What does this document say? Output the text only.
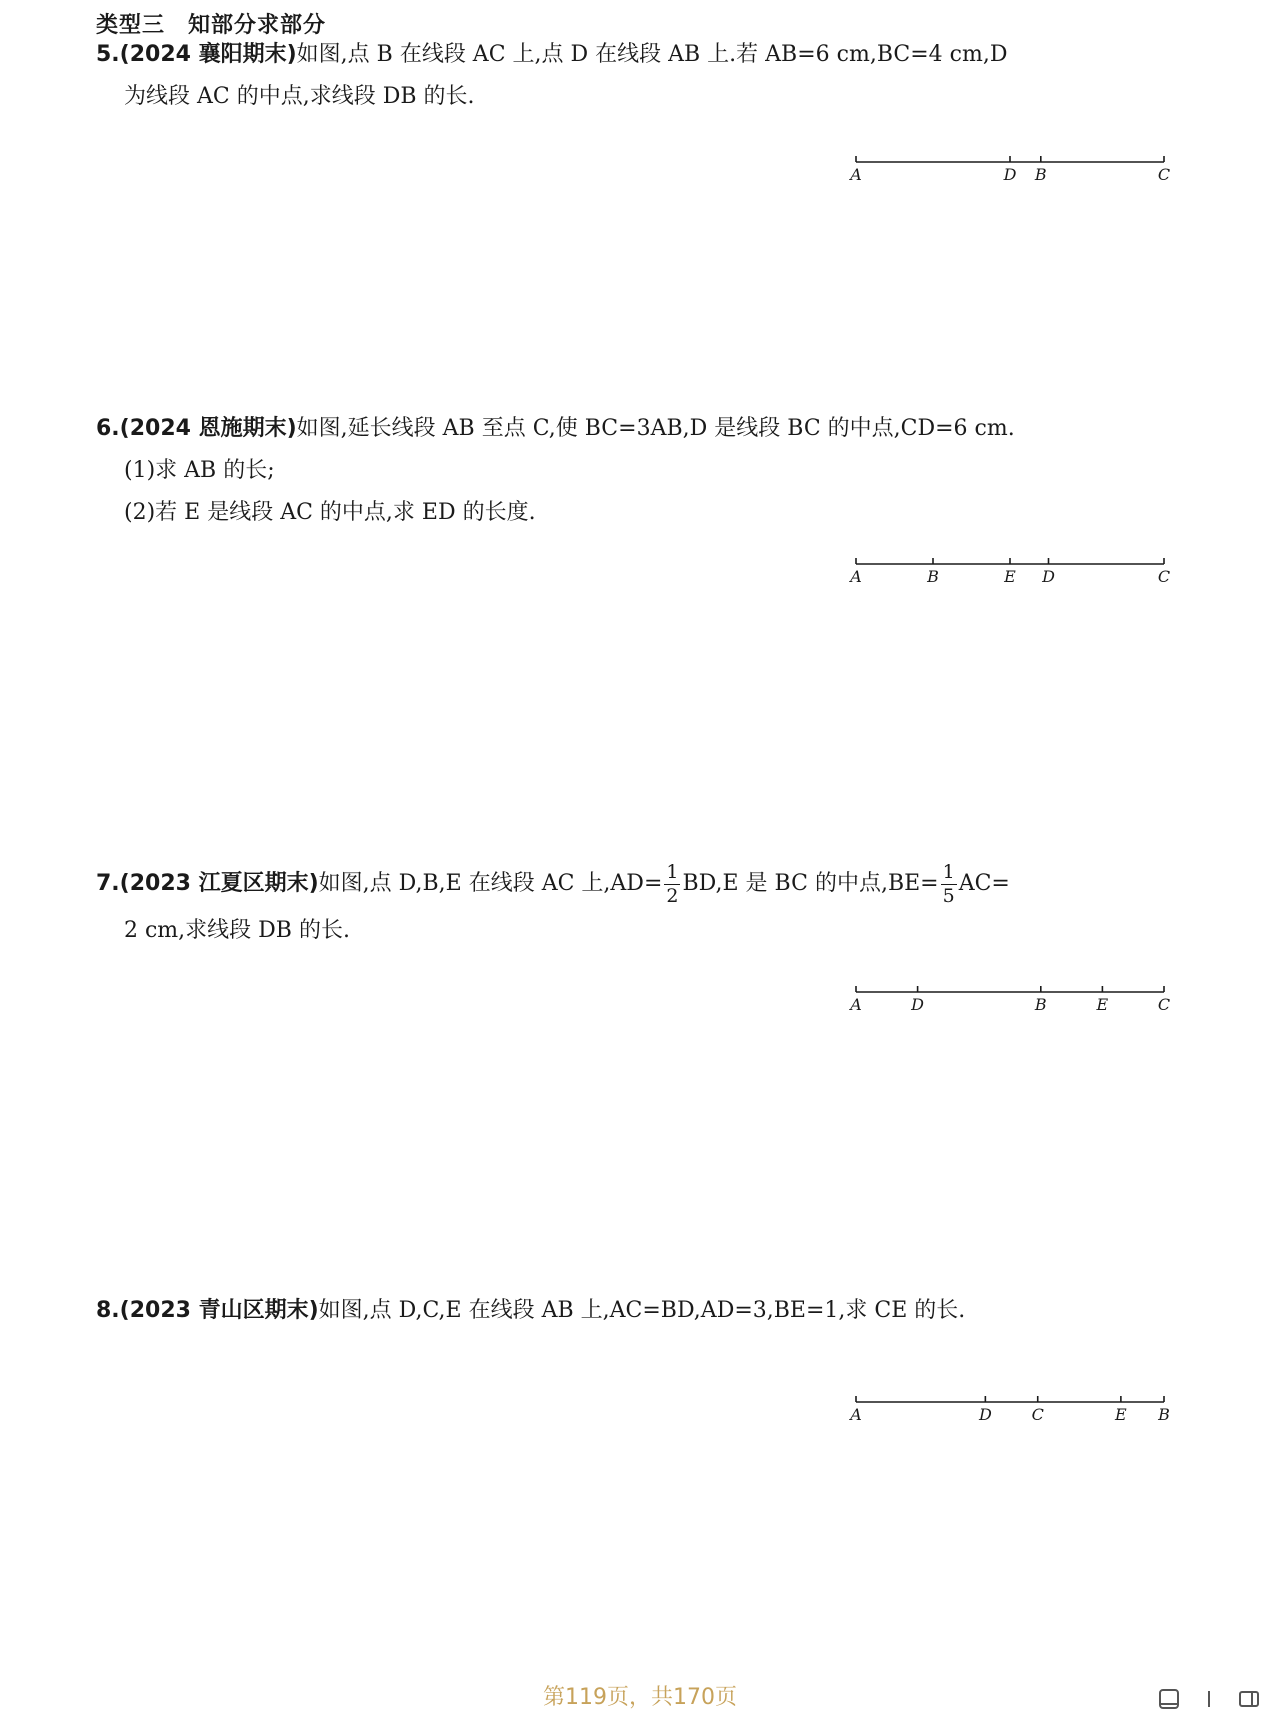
类型三　知部分求部分
5.(2024 襄阳期末)如图,点 B 在线段 AC 上,点 D 在线段 AB 上.若 AB=6 cm,BC=4 cm,D
为线段 AC 的中点,求线段 DB 的长.
A	D B	C
6.(2024 恩施期末)如图,延长线段 AB 至点 C,使 BC=3AB,D 是线段 BC 的中点,CD=6 cm.
(1)求 AB 的长;
(2)若 E 是线段 AC 的中点,求 ED 的长度.
A	B	E D	C
7.(2023 江夏区期末)如图,点 D,B,E 在线段 AC 上$,AD= \frac{1}{2} BD,E$ 是 BC 的中点$,BE= \frac{1}{5} AC=$
2 cm,求线段 DB 的长.
A	D	B	E	C
8.(2023 青山区期末)如图,点 D,C,E 在线段 AB 上,AC=BD,AD=3,BE=1,求 CE 的长.
A	D C	E B
第119页，共170页
